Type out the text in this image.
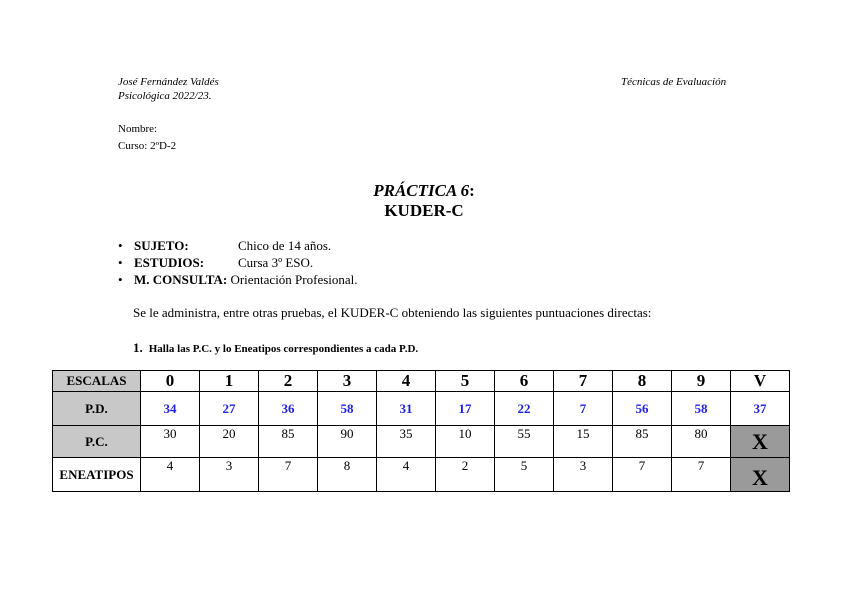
José Fernández Valdés
Psicológica 2022/23.
Técnicas de Evaluación
Nombre:
Curso: 2ºD-2
PRÁCTICA 6:
KUDER-C
• SUJETO:	Chico de 14 años.
• ESTUDIOS:	Cursa 3º ESO.
• M. CONSULTA: Orientación Profesional.
Se le administra, entre otras pruebas, el KUDER-C obteniendo las siguientes puntuaciones directas:
1. Halla las P.C. y lo Eneatipos correspondientes a cada P.D.
ESCALAS	0	1	2	3	4	5	6	7	8	9	V
P.D.	34	27	36	58	31	17	22	7	56	58	37
P.C.	30	20	85	90	35	10	55	15	85	80	X
ENEATIPOS	4	3	7	8	4	2	5	3	7	7	X
